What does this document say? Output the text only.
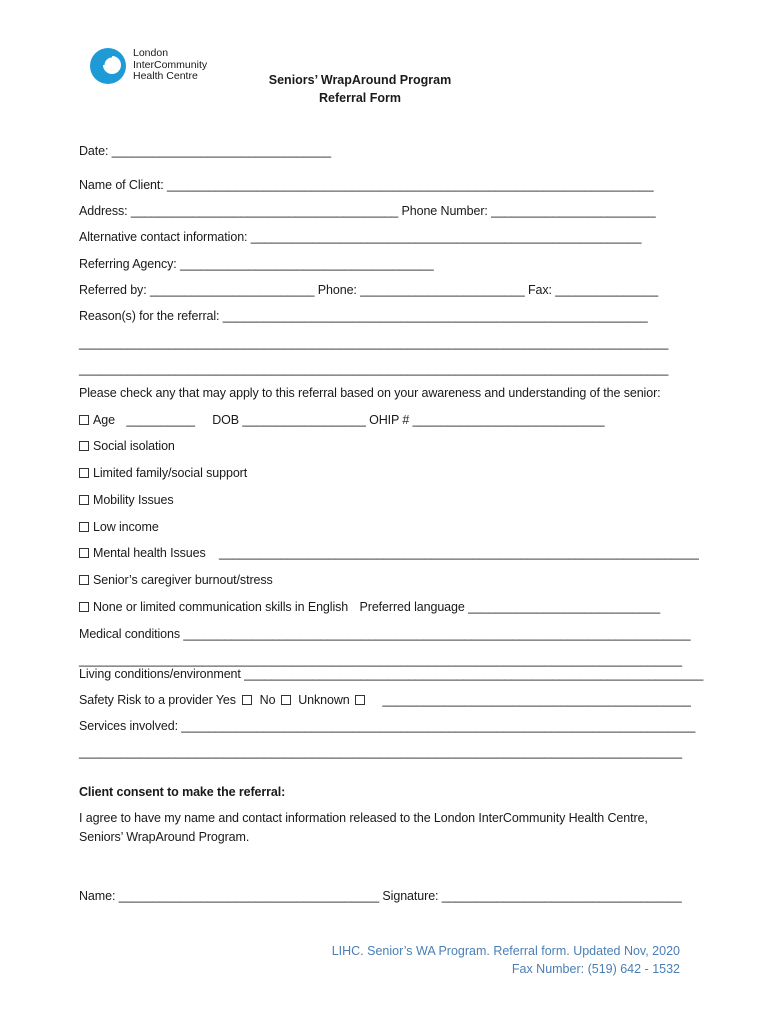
London
InterCommunity
Health Centre	Seniors’ WrapAround Program
Referral Form
Date: ________________________________
Name of Client: _______________________________________________________________________
Address: _______________________________________ Phone Number: ________________________
Alternative contact information: _________________________________________________________
Referring Agency: _____________________________________
Referred by: ________________________ Phone: ________________________ Fax: _______________
Reason(s) for the referral: ______________________________________________________________
______________________________________________________________________________________
______________________________________________________________________________________
Please check any that may apply to this referral based on your awareness and understanding of the senior:
Age __________ DOB __________________ OHIP # ____________________________
Social isolation
Limited family/social support
Mobility Issues
Low income
Mental health Issues ______________________________________________________________________
Senior’s caregiver burnout/stress
None or limited communication skills in English Preferred language ____________________________
Medical conditions __________________________________________________________________________
________________________________________________________________________________________
Living conditions/environment ___________________________________________________________________
Safety Risk to a provider Yes No Unknown	_____________________________________________
Services involved: ___________________________________________________________________________
________________________________________________________________________________________
Client consent to make the referral:
I agree to have my name and contact information released to the London InterCommunity Health Centre,
Seniors’ WrapAround Program.
Name: ______________________________________ Signature: ___________________________________
LIHC. Senior’s WA Program. Referral form. Updated Nov, 2020
Fax Number: (519) 642 - 1532
